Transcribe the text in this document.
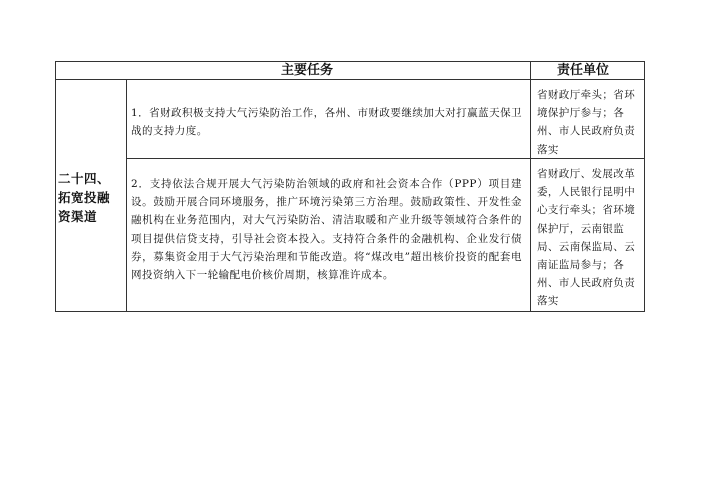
主要任务	责任单位
二十四、拓宽投融资渠道
1．省财政积极支持大气污染防治工作，各州、市财政要继续加大对打赢蓝天保卫战的支持力度。
省财政厅牵头；省环境保护厅参与；各州、市人民政府负责落实
2．支持依法合规开展大气污染防治领域的政府和社会资本合作（PPP）项目建设。鼓励开展合同环境服务，推广环境污染第三方治理。鼓励政策性、开发性金融机构在业务范围内，对大气污染防治、清洁取暖和产业升级等领域符合条件的项目提供信贷支持，引导社会资本投入。支持符合条件的金融机构、企业发行债券，募集资金用于大气污染治理和节能改造。将“煤改电”超出核价投资的配套电网投资纳入下一轮输配电价核价周期，核算准许成本。
省财政厅、发展改革委，人民银行昆明中心支行牵头；省环境保护厅，云南银监局、云南保监局、云南证监局参与；各州、市人民政府负责落实
